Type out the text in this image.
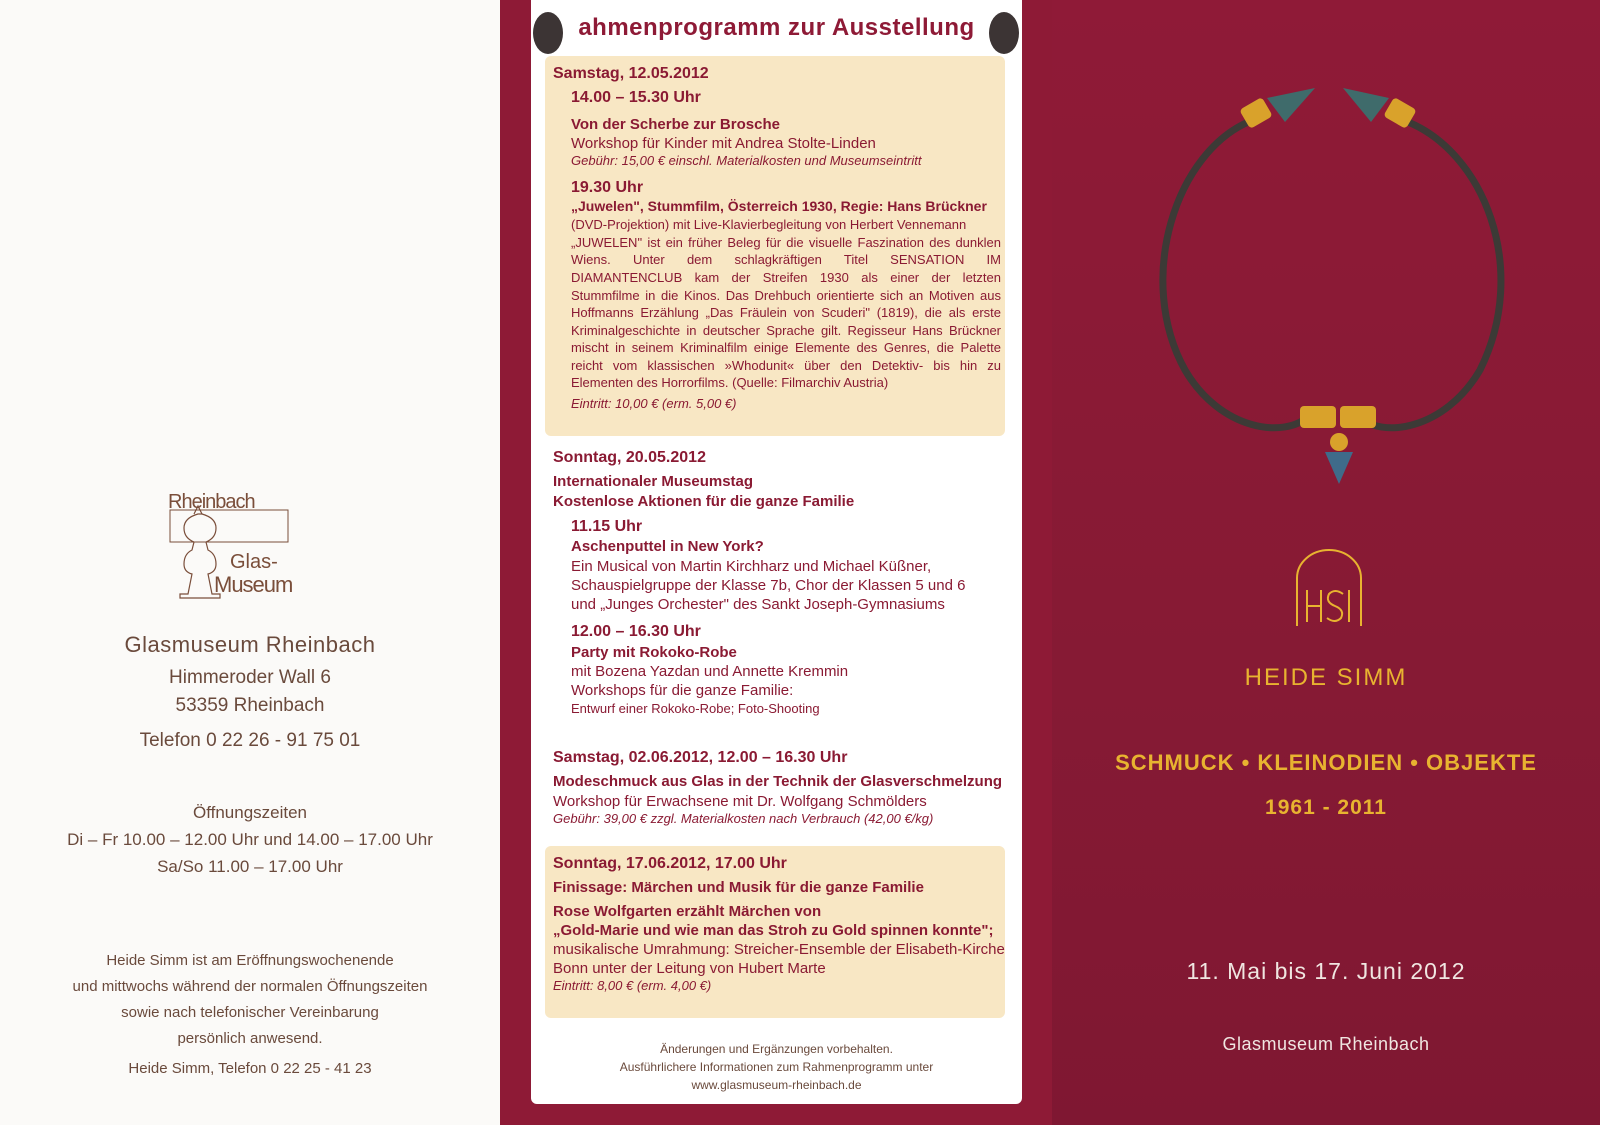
Rheinbach
Glas-
Museum
Glasmuseum Rheinbach
Himmeroder Wall 6
53359 Rheinbach
Telefon 0 22 26 - 91 75 01
Öffnungszeiten
Di – Fr 10.00 – 12.00 Uhr und 14.00 – 17.00 Uhr
Sa/So 11.00 – 17.00 Uhr
Heide Simm ist am Eröffnungswochenende
und mittwochs während der normalen Öffnungszeiten
sowie nach telefonischer Vereinbarung
persönlich anwesend.
Heide Simm, Telefon 0 22 25 - 41 23
ahmenprogramm zur Ausstellung
Samstag, 12.05.2012
14.00 – 15.30 Uhr
Von der Scherbe zur Brosche
Workshop für Kinder mit Andrea Stolte-Linden
Gebühr: 15,00 € einschl. Materialkosten und Museumseintritt
19.30 Uhr
„Juwelen", Stummfilm, Österreich 1930, Regie: Hans Brückner
(DVD-Projektion) mit Live-Klavierbegleitung von Herbert Vennemann
„JUWELEN" ist ein früher Beleg für die visuelle Faszination des dunklen Wiens. Unter dem schlagkräftigen Titel SENSATION IM DIAMANTENCLUB kam der Streifen 1930 als einer der letzten Stummfilme in die Kinos. Das Drehbuch orientierte sich an Motiven aus Hoffmanns Erzählung „Das Fräulein von Scuderi" (1819), die als erste Kriminalgeschichte in deutscher Sprache gilt. Regisseur Hans Brückner mischt in seinem Kriminalfilm einige Elemente des Genres, die Palette reicht vom klassischen »Whodunit« über den Detektiv- bis hin zu Elementen des Horrorfilms. (Quelle: Filmarchiv Austria)
Eintritt: 10,00 € (erm. 5,00 €)
Sonntag, 20.05.2012
Internationaler Museumstag
Kostenlose Aktionen für die ganze Familie
11.15 Uhr
Aschenputtel in New York?
Ein Musical von Martin Kirchharz und Michael Küßner,
Schauspielgruppe der Klasse 7b, Chor der Klassen 5 und 6
und „Junges Orchester" des Sankt Joseph-Gymnasiums
12.00 – 16.30 Uhr
Party mit Rokoko-Robe
mit Bozena Yazdan und Annette Kremmin
Workshops für die ganze Familie:
Entwurf einer Rokoko-Robe; Foto-Shooting
Samstag, 02.06.2012, 12.00 – 16.30 Uhr
Modeschmuck aus Glas in der Technik der Glasverschmelzung
Workshop für Erwachsene mit Dr. Wolfgang Schmölders
Gebühr: 39,00 € zzgl. Materialkosten nach Verbrauch (42,00 €/kg)
Sonntag, 17.06.2012, 17.00 Uhr
Finissage: Märchen und Musik für die ganze Familie
Rose Wolfgarten erzählt Märchen von
„Gold-Marie und wie man das Stroh zu Gold spinnen konnte";
musikalische Umrahmung: Streicher-Ensemble der Elisabeth-Kirche
Bonn unter der Leitung von Hubert Marte
Eintritt: 8,00 € (erm. 4,00 €)
Änderungen und Ergänzungen vorbehalten.
Ausführlichere Informationen zum Rahmenprogramm unter
www.glasmuseum-rheinbach.de
HEIDE SIMM
SCHMUCK • KLEINODIEN • OBJEKTE
1961 - 2011
11. Mai bis 17. Juni 2012
Glasmuseum Rheinbach
